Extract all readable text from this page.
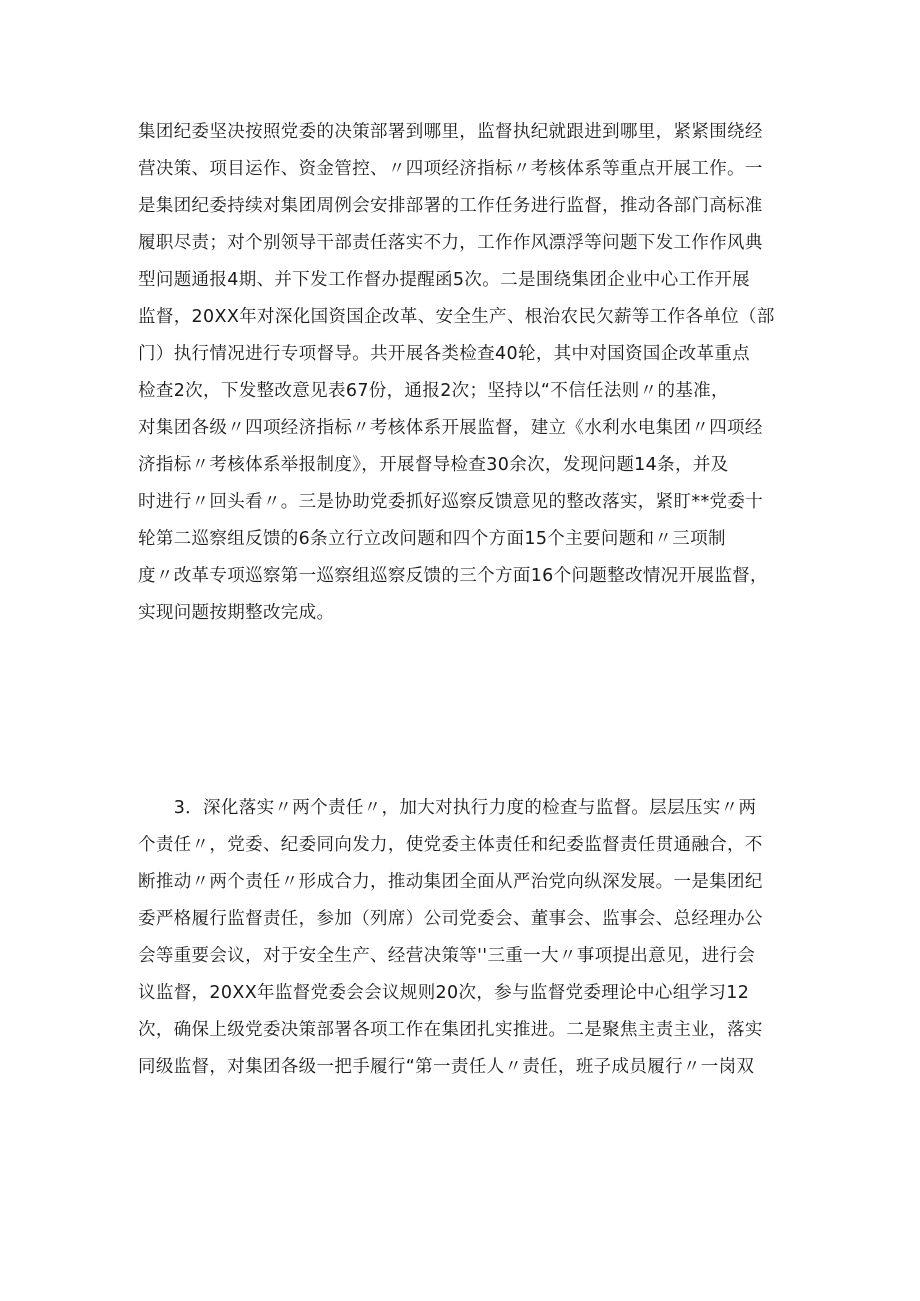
集团纪委坚决按照党委的决策部署到哪里，监督执纪就跟进到哪里，紧紧围绕经
营决策、项目运作、资金管控、〃四项经济指标〃考核体系等重点开展工作。一
是集团纪委持续对集团周例会安排部署的工作任务进行监督，推动各部门高标准
履职尽责；对个别领导干部责任落实不力，工作作风漂浮等问题下发工作作风典
型问题通报4期、并下发工作督办提醒函5次。二是围绕集团企业中心工作开展
监督，20XX年对深化国资国企改革、安全生产、根治农民欠薪等工作各单位（部
门）执行情况进行专项督导。共开展各类检查40轮，其中对国资国企改革重点
检查2次，下发整改意见表67份，通报2次；坚持以“不信任法则〃的基准，
对集团各级〃四项经济指标〃考核体系开展监督，建立《水利水电集团〃四项经
济指标〃考核体系举报制度》，开展督导检查30余次，发现问题14条，并及
时进行〃回头看〃。三是协助党委抓好巡察反馈意见的整改落实，紧盯**党委十
轮第二巡察组反馈的6条立行立改问题和四个方面15个主要问题和〃三项制
度〃改革专项巡察第一巡察组巡察反馈的三个方面16个问题整改情况开展监督，
实现问题按期整改完成。
　　3．深化落实〃两个责任〃，加大对执行力度的检查与监督。层层压实〃两
个责任〃，党委、纪委同向发力，使党委主体责任和纪委监督责任贯通融合，不
断推动〃两个责任〃形成合力，推动集团全面从严治党向纵深发展。一是集团纪
委严格履行监督责任，参加（列席）公司党委会、董事会、监事会、总经理办公
会等重要会议，对于安全生产、经营决策等''三重一大〃事项提出意见，进行会
议监督，20XX年监督党委会会议规则20次，参与监督党委理论中心组学习12
次，确保上级党委决策部署各项工作在集团扎实推进。二是聚焦主责主业，落实
同级监督，对集团各级一把手履行“第一责任人〃责任，班子成员履行〃一岗双
